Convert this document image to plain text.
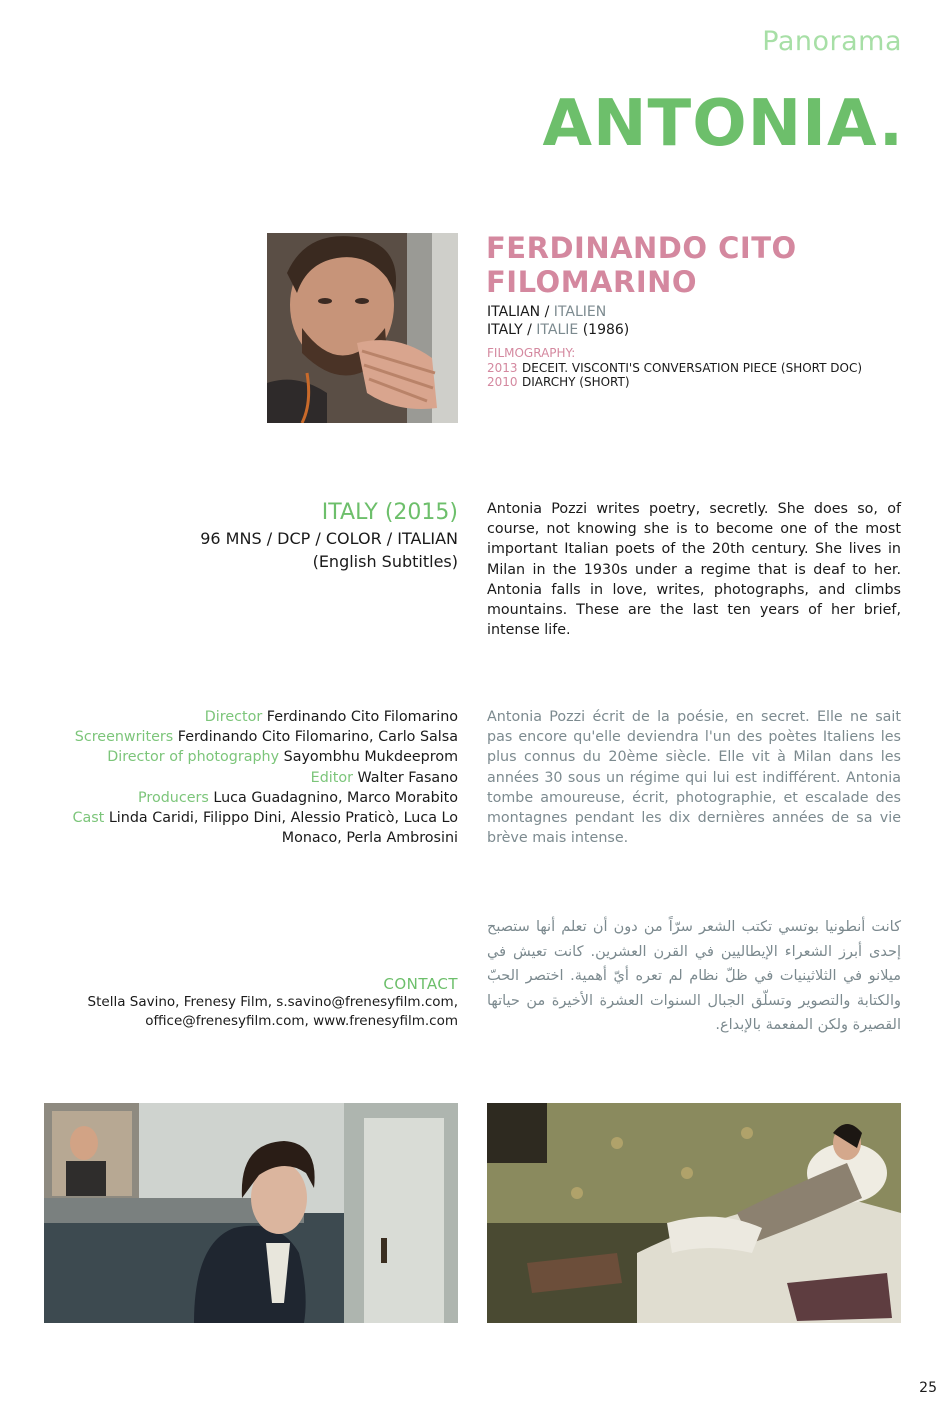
Panorama
ANTONIA.
FERDINANDO CITO FILOMARINO
ITALIAN / ITALIEN
ITALY / ITALIE (1986)
FILMOGRAPHY:
2013 DECEIT. VISCONTI'S CONVERSATION PIECE (SHORT DOC)
2010 DIARCHY (SHORT)
ITALY (2015)
96 MNS / DCP / COLOR / ITALIAN
(English Subtitles)
Antonia Pozzi writes poetry, secretly. She does so, of course, not knowing she is to become one of the most important Italian poets of the 20th century. She lives in Milan in the 1930s under a regime that is deaf to her. Antonia falls in love, writes, photographs, and climbs mountains. These are the last ten years of her brief, intense life.
Antonia Pozzi écrit de la poésie, en secret. Elle ne sait pas encore qu'elle deviendra l'un des poètes Italiens les plus connus du 20ème siècle. Elle vit à Milan dans les années 30 sous un régime qui lui est indifférent. Antonia tombe amoureuse, écrit, photographie, et escalade des montagnes pendant les dix dernières années de sa vie brève mais intense.
كانت أنطونيا بوتسي تكتب الشعر سرّاً من دون أن تعلم أنها ستصبح إحدى أبرز الشعراء الإيطاليين في القرن العشرين. كانت تعيش في ميلانو في الثلاثينيات في ظلّ نظام لم تعره أيّ أهمية. اختصر الحبّ والكتابة والتصوير وتسلّق الجبال السنوات العشرة الأخيرة من حياتها القصيرة ولكن المفعمة بالإبداع.
Director Ferdinando Cito Filomarino
Screenwriters Ferdinando Cito Filomarino, Carlo Salsa
Director of photography Sayombhu Mukdeeprom
Editor Walter Fasano
Producers Luca Guadagnino, Marco Morabito
Cast Linda Caridi, Filippo Dini, Alessio Praticò, Luca Lo Monaco, Perla Ambrosini
CONTACT
Stella Savino, Frenesy Film, s.savino@frenesyfilm.com,
office@frenesyfilm.com, www.frenesyfilm.com
25
